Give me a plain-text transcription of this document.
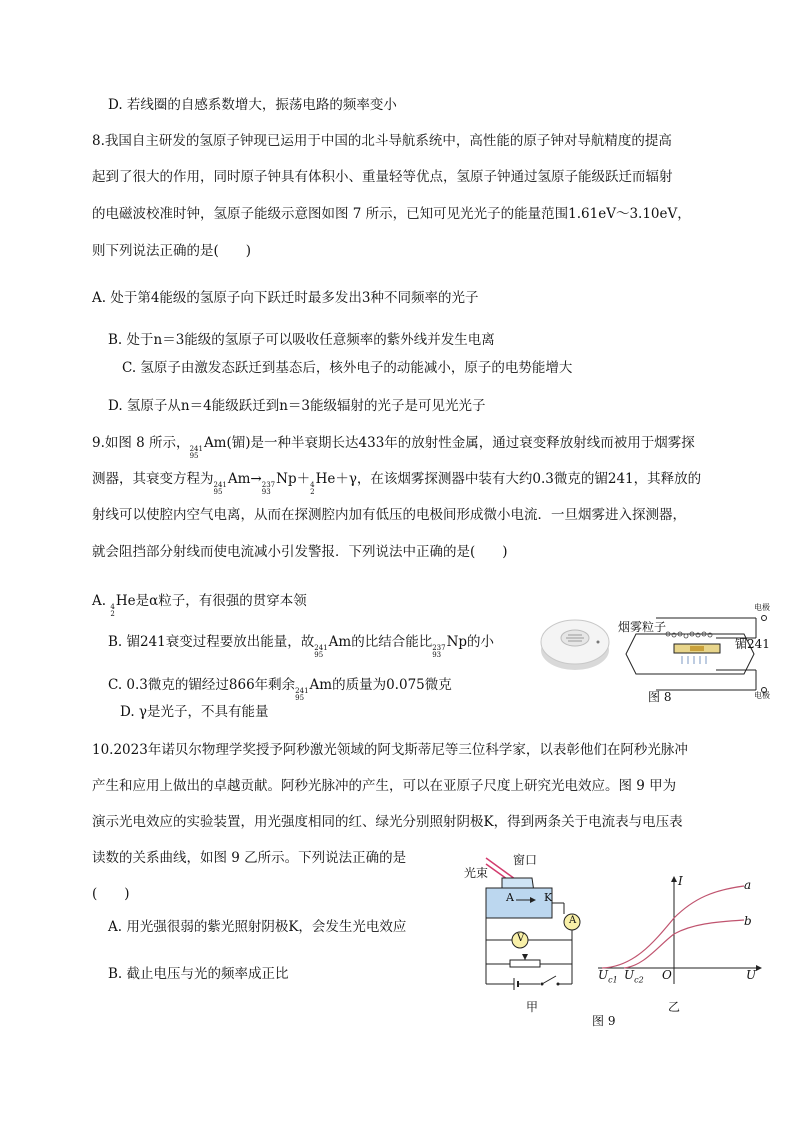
D. 若线圈的自感系数增大，振荡电路的频率变小
8.我国自主研发的氢原子钟现已运用于中国的北斗导航系统中，高性能的原子钟对导航精度的提高
起到了很大的作用，同时原子钟具有体积小、重量轻等优点，氢原子钟通过氢原子能级跃迁而辐射
的电磁波校准时钟，氢原子能级示意图如图 7 所示，已知可见光光子的能量范围1.61eV～3.10eV，
则下列说法正确的是(　　)
A. 处于第4能级的氢原子向下跃迁时最多发出3种不同频率的光子
B. 处于n＝3能级的氢原子可以吸收任意频率的紫外线并发生电离
C. 氢原子由激发态跃迁到基态后，核外电子的动能减小，原子的电势能增大
D. 氢原子从n＝4能级跃迁到n＝3能级辐射的光子是可见光光子
9.如图 8 所示， 241
95
Am(镅)是一种半衰期长达433年的放射性金属，通过衰变释放射线而被用于烟雾探
测器，其衰变方程为 241
95
Am→ 237
93
Np＋ 4
2
He＋γ，在该烟雾探测器中装有大约0.3微克的镅241，其释放的
射线可以使腔内空气电离，从而在探测腔内加有低压的电极间形成微小电流．一旦烟雾进入探测器，
就会阻挡部分射线而使电流减小引发警报．下列说法中正确的是(　　)
A. 4
2
He是α粒子，有很强的贯穿本领
B. 镅241衰变过程要放出能量，故 241
95
Am的比结合能比 237
93
Np的小
C. 0.3微克的镅经过866年剩余 241
95
Am的质量为0.075微克
D. γ是光子，不具有能量
10.2023年诺贝尔物理学奖授予阿秒激光领域的阿戈斯蒂尼等三位科学家，以表彰他们在阿秒光脉冲
产生和应用上做出的卓越贡献。阿秒光脉冲的产生，可以在亚原子尺度上研究光电效应。图 9 甲为
演示光电效应的实验装置，用光强度相同的红、绿光分别照射阴极K，得到两条关于电流表与电压表
读数的关系曲线，如图 9 乙所示。下列说法正确的是
(　　)
A. 用光强很弱的紫光照射阴极K，会发生光电效应
B. 截止电压与光的频率成正比
烟雾粒子
镅241
电极
电极
图 8
光束
窗口
A	K
A
V
甲
图 9
I
U
O
$U_{c1}$ $U_{c2}$
a
b
乙
